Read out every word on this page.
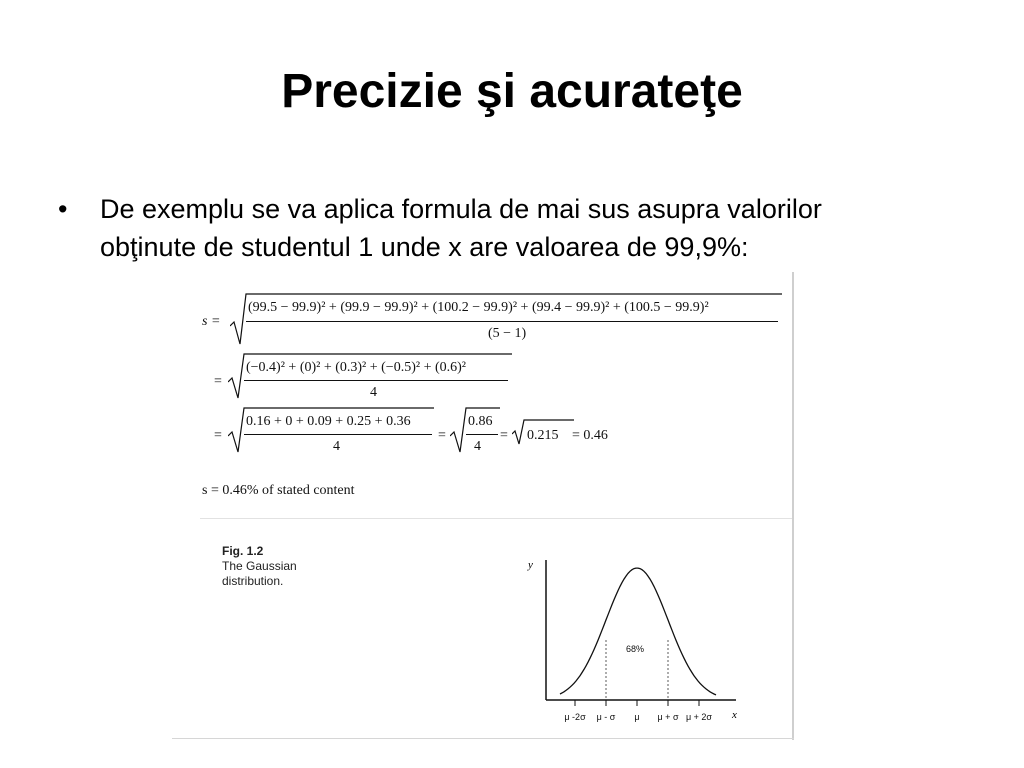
Precizie şi acurateţe
• De exemplu se va aplica formula de mai sus asupra valorilor
obţinute de studentul 1 unde x are valoarea de 99,9%:
s =
(99.5 − 99.9)² + (99.9 − 99.9)² + (100.2 − 99.9)² + (99.4 − 99.9)² + (100.5 − 99.9)²
(5 − 1)
=
(−0.4)² + (0)² + (0.3)² + (−0.5)² + (0.6)²
4
=
0.16 + 0 + 0.09 + 0.25 + 0.36
4
=
0.86
4
= 0.215 = 0.46
s = 0.46% of stated content
Fig. 1.2
The Gaussian
distribution.
y
x
68%
μ -2σ μ - σ μ μ + σ μ + 2σ
